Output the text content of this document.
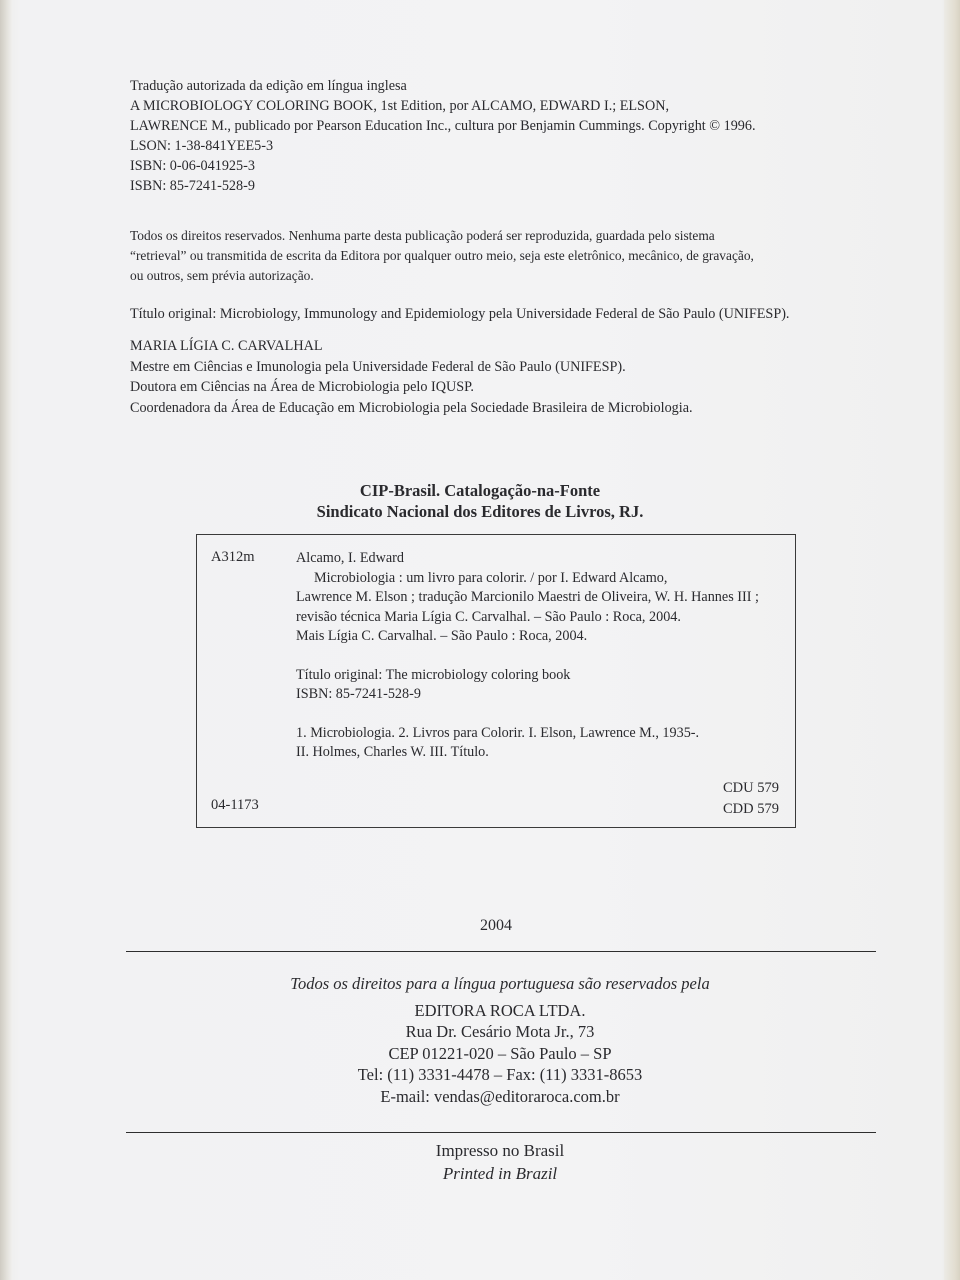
Tradução autorizada da edição em língua inglesa
A MICROBIOLOGY COLORING BOOK, 1st Edition, por ALCAMO, EDWARD I.; ELSON,
LAWRENCE M., publicado por Pearson Education Inc., cultura por Benjamin Cummings. Copyright © 1996.
LSON: 1-38-841YEE5-3
ISBN: 0-06-041925-3
ISBN: 85-7241-528-9
Todos os direitos reservados. Nenhuma parte desta publicação poderá ser reproduzida, guardada pelo sistema
“retrieval” ou transmitida de escrita da Editora por qualquer outro meio, seja este eletrônico, mecânico, de gravação,
ou outros, sem prévia autorização.
Título original: Microbiology, Immunology and Epidemiology pela Universidade Federal de São Paulo (UNIFESP).
MARIA LÍGIA C. CARVALHAL
Mestre em Ciências e Imunologia pela Universidade Federal de São Paulo (UNIFESP).
Doutora em Ciências na Área de Microbiologia pelo IQUSP.
Coordenadora da Área de Educação em Microbiologia pela Sociedade Brasileira de Microbiologia.
CIP-Brasil. Catalogação-na-Fonte
Sindicato Nacional dos Editores de Livros, RJ.
A312m	Alcamo, I. Edward
Microbiologia : um livro para colorir. / por I. Edward Alcamo,
Lawrence M. Elson ; tradução Marcionilo Maestri de Oliveira, W. H. Hannes III ;
revisão técnica Maria Lígia C. Carvalhal. – São Paulo : Roca, 2004.
Mais Lígia C. Carvalhal. – São Paulo : Roca, 2004.
Título original: The microbiology coloring book
ISBN: 85-7241-528-9
1. Microbiologia. 2. Livros para Colorir. I. Elson, Lawrence M., 1935-.
II. Holmes, Charles W. III. Título.
CDU 579
CDD 579
04-1173
2004
Todos os direitos para a língua portuguesa são reservados pela
EDITORA ROCA LTDA.
Rua Dr. Cesário Mota Jr., 73
CEP 01221-020 – São Paulo – SP
Tel: (11) 3331-4478 – Fax: (11) 3331-8653
E-mail: vendas@editoraroca.com.br
Impresso no Brasil
Printed in Brazil
